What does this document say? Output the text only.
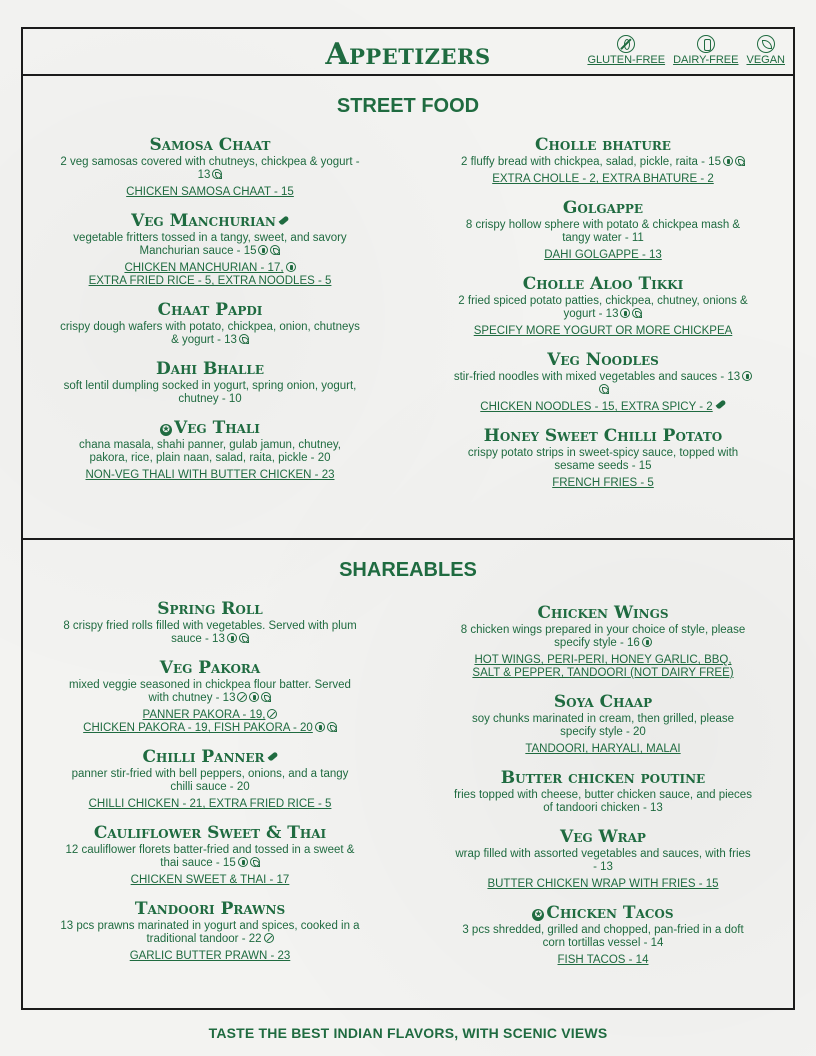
Appetizers	GLUTEN-FREE DAIRY-FREE VEGAN
STREET FOOD
Samosa Chaat
2 veg samosas covered with chutneys, chickpea & yogurt - 13
CHICKEN SAMOSA CHAAT - 15
Veg Manchurian
vegetable fritters tossed in a tangy, sweet, and savory Manchurian sauce - 15
CHICKEN MANCHURIAN - 17,
EXTRA FRIED RICE - 5, EXTRA NOODLES - 5
Chaat Papdi
crispy dough wafers with potato, chickpea, onion, chutneys & yogurt - 13
Dahi Bhalle
soft lentil dumpling socked in yogurt, spring onion, yogurt, chutney - 10
✪ Veg Thali
chana masala, shahi panner, gulab jamun, chutney, pakora, rice, plain naan, salad, raita, pickle - 20
NON-VEG THALI WITH BUTTER CHICKEN - 23
Cholle bhature
2 fluffy bread with chickpea, salad, pickle, raita - 15
EXTRA CHOLLE - 2, EXTRA BHATURE - 2
Golgappe
8 crispy hollow sphere with potato & chickpea mash & tangy water - 11
DAHI GOLGAPPE - 13
Cholle Aloo Tikki
2 fried spiced potato patties, chickpea, chutney, onions & yogurt - 13
SPECIFY MORE YOGURT OR MORE CHICKPEA
Veg Noodles
stir-fried noodles with mixed vegetables and sauces - 13
CHICKEN NOODLES - 15, EXTRA SPICY - 2
Honey Sweet Chilli Potato
crispy potato strips in sweet-spicy sauce, topped with sesame seeds - 15
FRENCH FRIES - 5
SHAREABLES
Spring Roll
8 crispy fried rolls filled with vegetables. Served with plum sauce - 13
Veg Pakora
mixed veggie seasoned in chickpea flour batter. Served with chutney - 13
PANNER PAKORA - 19,
CHICKEN PAKORA - 19, FISH PAKORA - 20
Chilli Panner
panner stir-fried with bell peppers, onions, and a tangy chilli sauce - 20
CHILLI CHICKEN - 21, EXTRA FRIED RICE - 5
Cauliflower Sweet & Thai
12 cauliflower florets batter-fried and tossed in a sweet & thai sauce - 15
CHICKEN SWEET & THAI - 17
Tandoori Prawns
13 pcs prawns marinated in yogurt and spices, cooked in a traditional tandoor - 22
GARLIC BUTTER PRAWN - 23
Chicken Wings
8 chicken wings prepared in your choice of style, please specify style - 16
HOT WINGS, PERI-PERI, HONEY GARLIC, BBQ,
SALT & PEPPER, TANDOORI (NOT DAIRY FREE)
Soya Chaap
soy chunks marinated in cream, then grilled, please specify style - 20
TANDOORI, HARYALI, MALAI
Butter chicken poutine
fries topped with cheese, butter chicken sauce, and pieces of tandoori chicken - 13
Veg Wrap
wrap filled with assorted vegetables and sauces, with fries - 13
BUTTER CHICKEN WRAP WITH FRIES - 15
✪ Chicken Tacos
3 pcs shredded, grilled and chopped, pan-fried in a doft corn tortillas vessel - 14
FISH TACOS - 14
TASTE THE BEST INDIAN FLAVORS, WITH SCENIC VIEWS
